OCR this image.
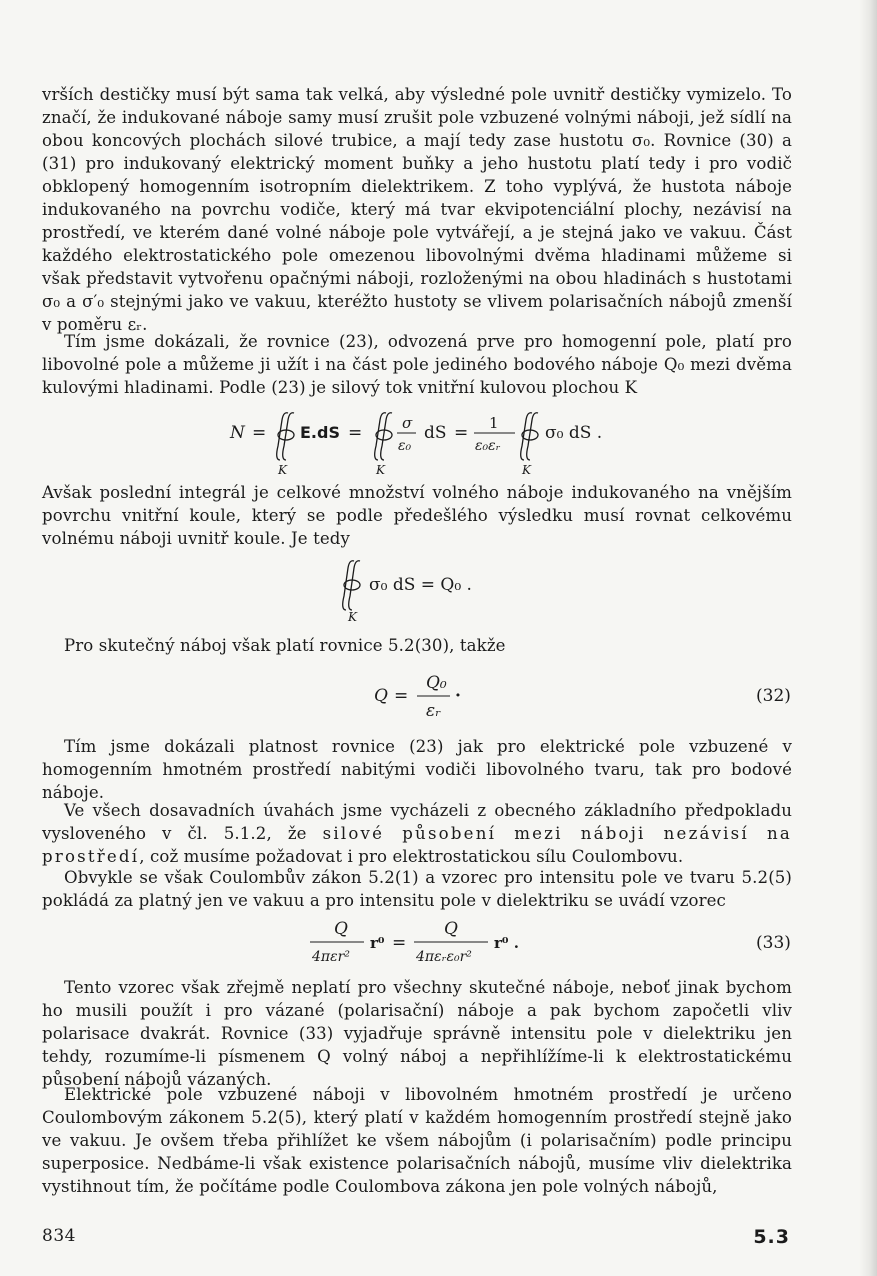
vrších destičky musí být sama tak velká, aby výsledné pole uvnitř destičky vymizelo. To značí, že indukované náboje samy musí zrušit pole vzbuzené volnými náboji, jež sídlí na obou koncových plochách silové trubice, a mají tedy zase hustotu σ₀. Rovnice (30) a (31) pro indukovaný elektrický moment buňky a jeho hustotu platí tedy i pro vodič obklopený homogenním isotropním dielektrikem. Z toho vyplývá, že hustota náboje indukovaného na povrchu vodiče, který má tvar ekvipotenciální plochy, nezávisí na prostředí, ve kterém dané volné náboje pole vytvářejí, a je stejná jako ve vakuu. Část každého elektrostatického pole omezenou libovolnými dvěma hladinami můžeme si však představit vytvořenu opačnými náboji, rozloženými na obou hladinách s hustotami σ₀ a σ′₀ stejnými jako ve vakuu, kteréžto hustoty se vlivem polarisačních nábojů zmenší v poměru εᵣ.

Tím jsme dokázali, že rovnice (23), odvozená prve pro homogenní pole, platí pro libovolné pole a můžeme ji užít i na část pole jediného bodového náboje Q₀ mezi dvěma kulovými hladinami. Podle (23) je silový tok vnitřní kulovou plochou K

N =
K
E.dS =
K
σ
ε₀
dS = 1
ε₀εᵣ
K
σ₀ dS .

Avšak poslední integrál je celkové množství volného náboje indukovaného na vnějším povrchu vnitřní koule, který se podle předešlého výsledku musí rovnat celkovému volnému náboji uvnitř koule. Je tedy

K
σ₀ dS = Q₀ .

Pro skutečný náboj však platí rovnice 5.2(30), takže

Q =
Q₀
εᵣ
·	(32)

Tím jsme dokázali platnost rovnice (23) jak pro elektrické pole vzbuzené v homogenním hmotném prostředí nabitými vodiči libovolného tvaru, tak pro bodové náboje.

Ve všech dosavadních úvahách jsme vycházeli z obecného základního předpokladu vysloveného v čl. 5.1.2, že silové působení mezi náboji nezávisí na prostředí, což musíme požadovat i pro elektrostatickou sílu Coulombovu.

Obvykle se však Coulombův zákon 5.2(1) a vzorec pro intensitu pole ve tvaru 5.2(5) pokládá za platný jen ve vakuu a pro intensitu pole v dielektriku se uvádí vzorec

Q
4πεr²
r⁰ =
Q
4πεᵣε₀r²
r⁰ .	(33)

Tento vzorec však zřejmě neplatí pro všechny skutečné náboje, neboť jinak bychom ho musili použít i pro vázané (polarisační) náboje a pak bychom započetli vliv polarisace dvakrát. Rovnice (33) vyjadřuje správně intensitu pole v dielektriku jen tehdy, rozumíme-li písmenem Q volný náboj a nepřihlížíme-li k elektrostatickému působení nábojů vázaných.

Elektrické pole vzbuzené náboji v libovolném hmotném prostředí je určeno Coulombovým zákonem 5.2(5), který platí v každém homogenním prostředí stejně jako ve vakuu. Je ovšem třeba přihlížet ke všem nábojům (i polarisačním) podle principu superposice. Nedbáme-li však existence polarisačních nábojů, musíme vliv dielektrika vystihnout tím, že počítáme podle Coulombova zákona jen pole volných nábojů,

834	5.3
